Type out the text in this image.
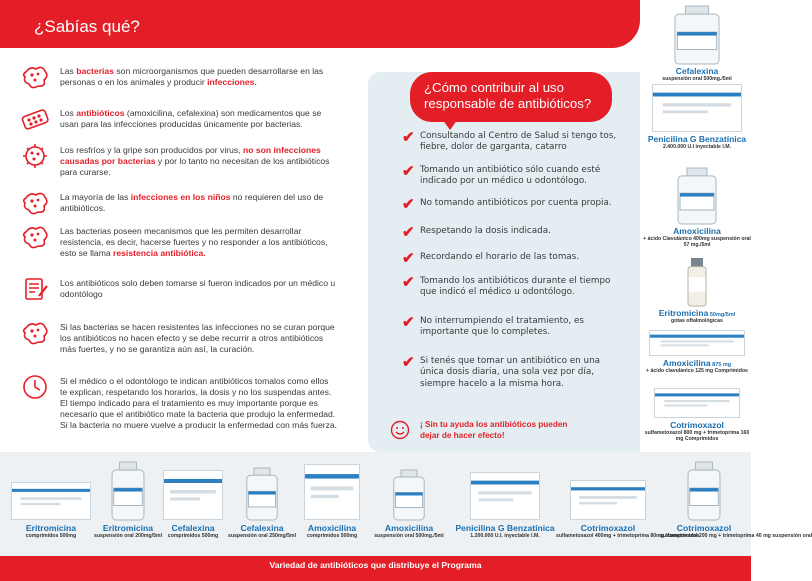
¿Sabías qué?
Las bacterias son microorganismos que pueden desarrollarse en las personas o en los animales y producir infecciones.
Los antibióticos (amoxicilina, cefalexina) son medicamentos que se usan para las infecciones producidas únicamente por bacterias.
Los resfríos y la gripe son producidos por virus, no son infecciones causadas por bacterias y por lo tanto no necesitan de los antibióticos para curarse.
La mayoría de las infecciones en los niños no requieren del uso de antibióticos.
Las bacterias poseen mecanismos que les permiten desarrollar resistencia, es decir, hacerse fuertes y no responder a los antibióticos, esto se llama resistencia antibiótica.
Los antibióticos solo deben tomarse si fueron indicados por un médico u odontólogo
Si las bacterias se hacen resistentes las infecciones no se curan porque los antibióticos no hacen efecto y se debe recurrir a otros antibióticos más fuertes, y no se garantiza aún así, la curación.
Si el médico o el odontólogo te indican antibióticos tomalos como ellos te explican, respetando los horarios, la dosis y no los suspendas antes. El tiempo indicado para el tratamiento es muy importante porque es necesario que el antibiótico mate la bacteria que produjo la enfermedad. Si la bacteria no muere vuelve a producir la enfermedad con más fuerza.
¿Cómo contribuir al uso responsable de antibióticos?
✔ Consultando al Centro de Salud si tengo tos, fiebre, dolor de garganta, catarro
✔ Tomando un antibiótico sólo cuando esté indicado por un médico u odontólogo.
✔ No tomando antibióticos por cuenta propia.
✔ Respetando la dosis indicada.
✔ Recordando el horario de las tomas.
✔ Tomando los antibióticos durante el tiempo que indicó el médico u odontólogo.
✔ No interrumpiendo el tratamiento, es importante que lo completes.
✔ Si tenés que tomar un antibiótico en una única dosis diaria, una sola vez por día, siempre hacelo a la misma hora.
¡ Sin tu ayuda los antibióticos pueden dejar de hacer efecto!
Cefalexina
suspensión oral 500mg./5ml
Penicilina G Benzatínica
2.400.000 U.I inyectable I.M.
Amoxicilina
+ ácido Clavulánico 400mg suspensión oral 57 mg./5ml
Eritromicina 50mg/5ml
gotas oftalmológicas
Amoxicilina 875 mg
+ ácido clavulánico 125 mg Comprimidos
Cotrimoxazol
sulfametoxazol 800 mg + trimetoprima 160 mg Comprimidos
Eritromicina
comprimidos 500mg
Eritromicina
suspensión oral 200mg/5ml
Cefalexina
comprimidos 500mg
Cefalexina
suspensión oral 250mg/5ml
Amoxicilina
comprimidos 500mg
Amoxicilina
suspensión oral 500mg./5ml
Penicilina G Benzatínica
1.200.000 U.I. inyectable I.M.
Cotrimoxazol
sulfametoxazol 400mg + trimetoprima 80mg. comprimidos
Cotrimoxazol
sulfametoxazol 200 mg + trimetoprima 40 mg suspensión oral
Variedad de antibióticos que distribuye el Programa
